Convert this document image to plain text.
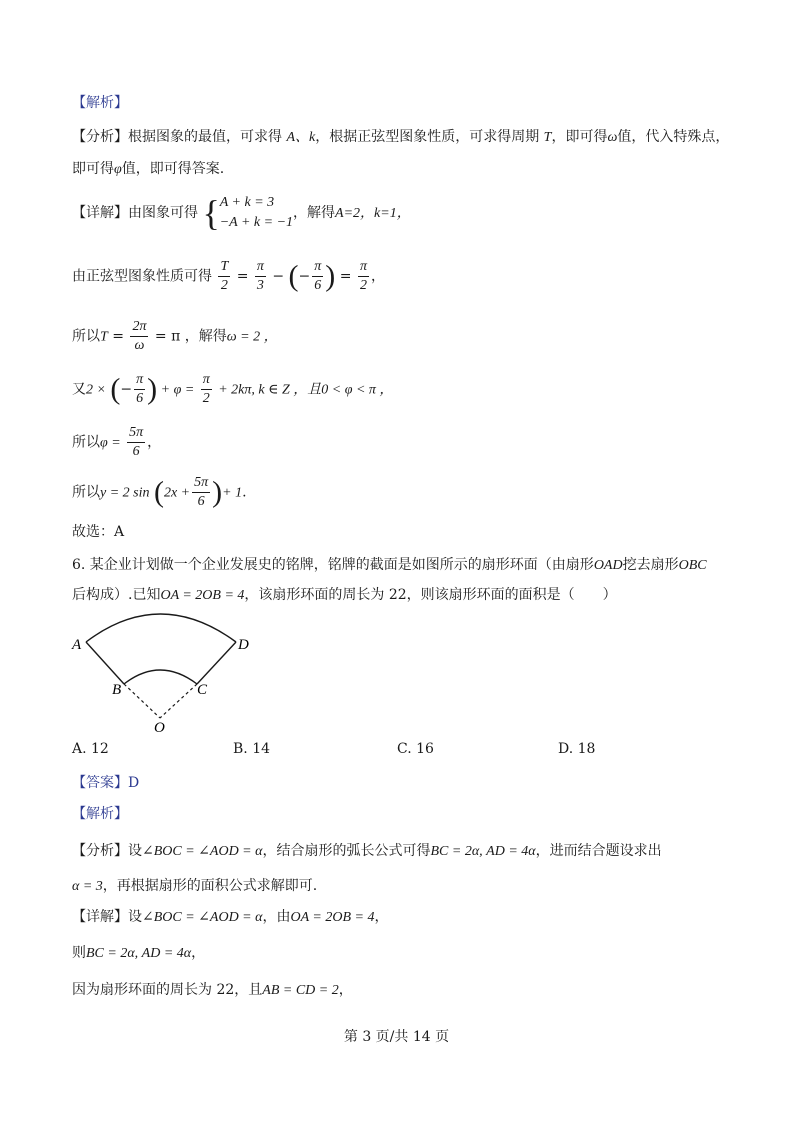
【解析】
【分析】根据图象的最值，可求得 A、k，根据正弦型图象性质，可求得周期 T，即可得ω值，代入特殊点，
即可得φ值，即可得答案.
【详解】由图象可得 { A + k = 3
−A + k = −1
，解得A=2，k=1，
由正弦型图象性质可得 $\frac{T}{2} = \frac{\pi}{3}$ − (− $\frac{\pi}{6}$ ) = $\frac{\pi}{2}$ ，
所以$T = \frac{2\pi}{\omega} = \pi$ ，解得ω = 2 ，
又2 × (− $\frac{\pi}{6}$ ) + $\varphi = \frac{\pi}{2} + 2k\pi$, k ∈ Z ，且0 < φ < π ，
所以$\varphi = \frac{5\pi}{6}$ ，
所以y = 2 $\sin (2x + \frac{5\pi}{6}$ )+ 1.
故选：A
6. 某企业计划做一个企业发展史的铭牌，铭牌的截面是如图所示的扇形环面（由扇形OAD挖去扇形OBC
后构成）.已知OA = 2OB = 4，该扇形环面的周长为 22，则该扇形环面的面积是（　　）
A	D
B	C
O
A. 12	B. 14	C. 16	D. 18
【答案】D
【解析】
【分析】设∠BOC = ∠AOD = α，结合扇形的弧长公式可得BC = 2α, AD = 4α，进而结合题设求出
α = 3，再根据扇形的面积公式求解即可.
【详解】设∠BOC = ∠AOD = α，由OA = 2OB = 4，
则BC = 2α, AD = 4α，
因为扇形环面的周长为 22，且AB = CD = 2，
第 3 页/共 14 页
